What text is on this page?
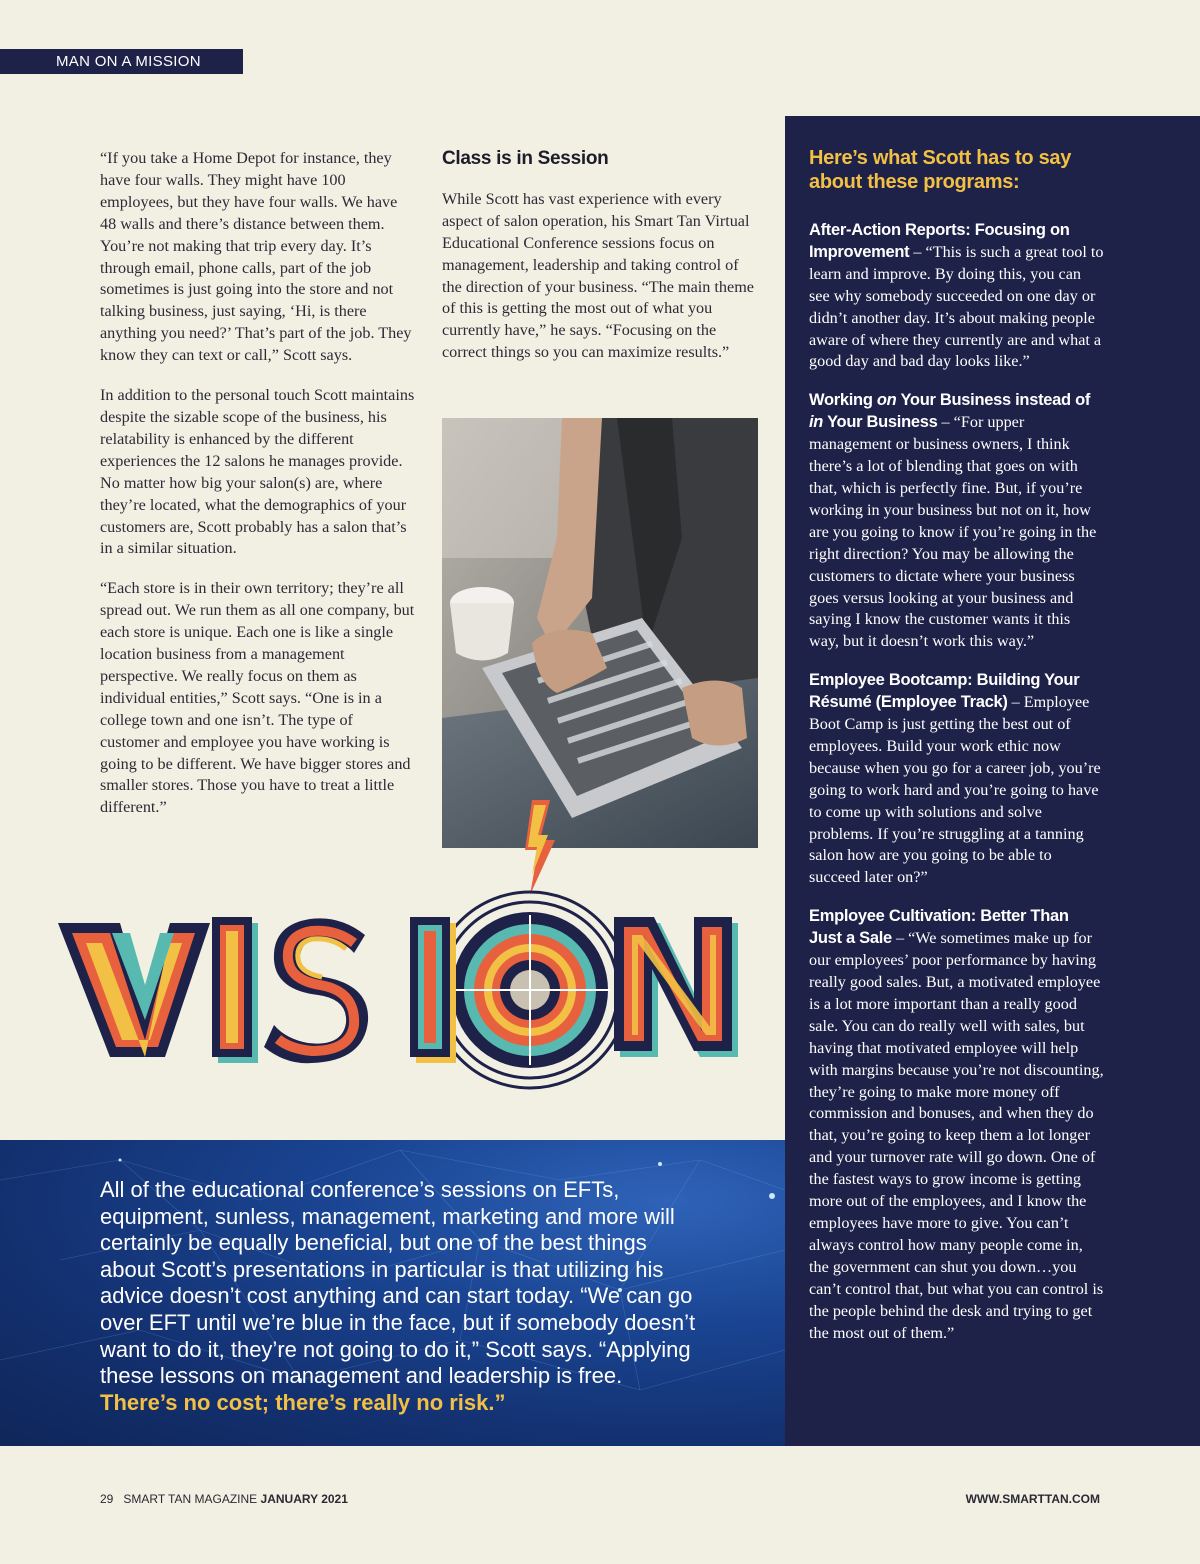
MAN ON A MISSION

“If you take a Home Depot for instance, they have four walls. They might have 100 employees, but they have four walls. We have 48 walls and there’s distance between them. You’re not making that trip every day. It’s through email, phone calls, part of the job sometimes is just going into the store and not talking business, just saying, ‘Hi, is there anything you need?’ That’s part of the job. They know they can text or call,” Scott says.

In addition to the personal touch Scott maintains despite the sizable scope of the business, his relatability is enhanced by the different experiences the 12 salons he manages provide. No matter how big your salon(s) are, where they’re located, what the demographics of your customers are, Scott probably has a salon that’s in a similar situation.

“Each store is in their own territory; they’re all spread out. We run them as all one company, but each store is unique. Each one is like a single location business from a management perspective. We really focus on them as individual entities,” Scott says. “One is in a college town and one isn’t. The type of customer and employee you have working is going to be different. We have bigger stores and smaller stores. Those you have to treat a little different.”

Class is in Session

While Scott has vast experience with every aspect of salon operation, his Smart Tan Virtual Educational Conference sessions focus on management, leadership and taking control of the direction of your business. “The main theme of this is getting the most out of what you currently have,” he says. “Focusing on the correct things so you can maximize results.”

All of the educational conference’s sessions on EFTs, equipment, sunless, management, marketing and more will certainly be equally beneficial, but one of the best things about Scott’s presentations in particular is that utilizing his advice doesn’t cost anything and can start today. “We can go over EFT until we’re blue in the face, but if somebody doesn’t want to do it, they’re not going to do it,” Scott says. “Applying these lessons on management and leadership is free. There’s no cost; there’s really no risk.”
Here’s what Scott has to say about these programs:

After-Action Reports: Focusing on Improvement – “This is such a great tool to learn and improve. By doing this, you can see why somebody succeeded on one day or didn’t another day. It’s about making people aware of where they currently are and what a good day and bad day looks like.”

Working on Your Business instead of in Your Business – “For upper management or business owners, I think there’s a lot of blending that goes on with that, which is perfectly fine. But, if you’re working in your business but not on it, how are you going to know if you’re going in the right direction? You may be allowing the customers to dictate where your business goes versus looking at your business and saying I know the customer wants it this way, but it doesn’t work this way.”

Employee Bootcamp: Building Your Résumé (Employee Track) – Employee Boot Camp is just getting the best out of employees. Build your work ethic now because when you go for a career job, you’re going to work hard and you’re going to have to come up with solutions and solve problems. If you’re struggling at a tanning salon how are you going to be able to succeed later on?”

Employee Cultivation: Better Than Just a Sale – “We sometimes make up for our employees’ poor performance by having really good sales. But, a motivated employee is a lot more important than a really good sale. You can do really well with sales, but having that motivated employee will help with margins because you’re not discounting, they’re going to make more money off commission and bonuses, and when they do that, you’re going to keep them a lot longer and your turnover rate will go down. One of the fastest ways to grow income is getting more out of the employees, and I know the employees have more to give. You can’t always control how many people come in, the government can shut you down…you can’t control that, but what you can control is the people behind the desk and trying to get the most out of them.”

29 SMART TAN MAGAZINE JANUARY 2021	WWW.SMARTTAN.COM
